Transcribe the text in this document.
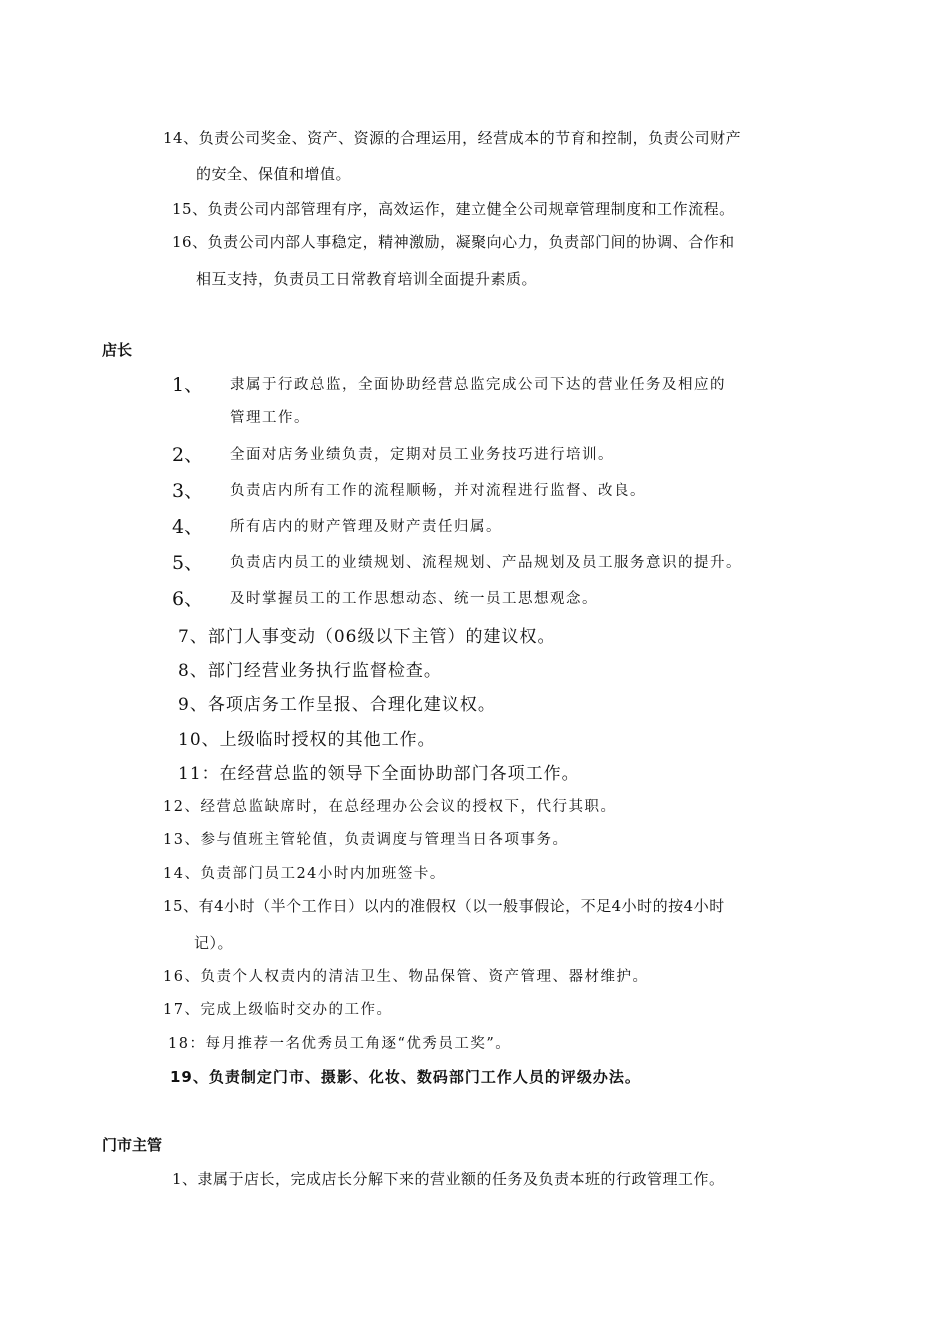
14、负责公司奖金、资产、资源的合理运用，经营成本的节育和控制，负责公司财产
的安全、保值和增值。
15、负责公司内部管理有序，高效运作，建立健全公司规章管理制度和工作流程。
16、负责公司内部人事稳定，精神激励，凝聚向心力，负责部门间的协调、合作和
相互支持，负责员工日常教育培训全面提升素质。
店长
1、 隶属于行政总监，全面协助经营总监完成公司下达的营业任务及相应的
管理工作。
2、 全面对店务业绩负责，定期对员工业务技巧进行培训。
3、 负责店内所有工作的流程顺畅，并对流程进行监督、改良。
4、 所有店内的财产管理及财产责任归属。
5、 负责店内员工的业绩规划、流程规划、产品规划及员工服务意识的提升。
6、 及时掌握员工的工作思想动态、统一员工思想观念。
7、部门人事变动（06级以下主管）的建议权。
8、部门经营业务执行监督检查。
9、各项店务工作呈报、合理化建议权。
10、上级临时授权的其他工作。
11：在经营总监的领导下全面协助部门各项工作。
12、经营总监缺席时，在总经理办公会议的授权下，代行其职。
13、参与值班主管轮值，负责调度与管理当日各项事务。
14、负责部门员工24小时内加班签卡。
15、有4小时（半个工作日）以内的准假权（以一般事假论，不足4小时的按4小时
记）。
16、负责个人权责内的清洁卫生、物品保管、资产管理、器材维护。
17、完成上级临时交办的工作。
18：每月推荐一名优秀员工角逐“优秀员工奖”。
19、负责制定门市、摄影、化妆、数码部门工作人员的评级办法。
门市主管
1、隶属于店长，完成店长分解下来的营业额的任务及负责本班的行政管理工作。
